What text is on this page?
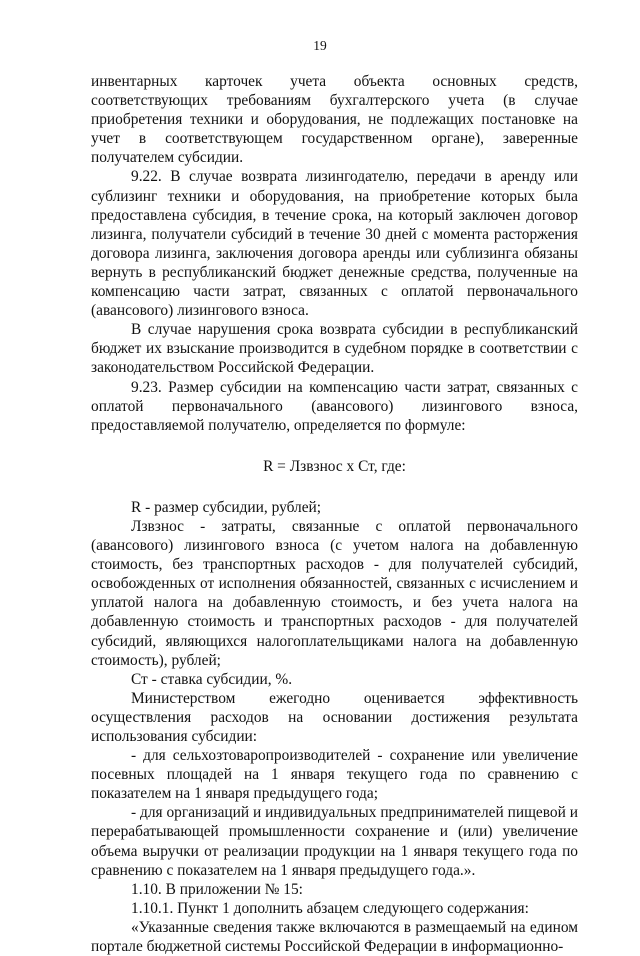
19

инвентарных карточек учета объекта основных средств, соответствующих требованиям бухгалтерского учета (в случае приобретения техники и оборудования, не подлежащих постановке на учет в соответствующем государственном органе), заверенные получателем субсидии.

9.22. В случае возврата лизингодателю, передачи в аренду или сублизинг техники и оборудования, на приобретение которых была предоставлена субсидия, в течение срока, на который заключен договор лизинга, получатели субсидий в течение 30 дней с момента расторжения договора лизинга, заключения договора аренды или сублизинга обязаны вернуть в республиканский бюджет денежные средства, полученные на компенсацию части затрат, связанных с оплатой первоначального (авансового) лизингового взноса.

В случае нарушения срока возврата субсидии в республиканский бюджет их взыскание производится в судебном порядке в соответствии с законодательством Российской Федерации.

9.23. Размер субсидии на компенсацию части затрат, связанных с оплатой первоначального (авансового) лизингового взноса, предоставляемой получателю, определяется по формуле:

R = Лзвзнос х Ст, где:

R - размер субсидии, рублей;

Лзвзнос - затраты, связанные с оплатой первоначального (авансового) лизингового взноса (с учетом налога на добавленную стоимость, без транспортных расходов - для получателей субсидий, освобожденных от исполнения обязанностей, связанных с исчислением и уплатой налога на добавленную стоимость, и без учета налога на добавленную стоимость и транспортных расходов - для получателей субсидий, являющихся налогоплательщиками налога на добавленную стоимость), рублей;

Ст - ставка субсидии, %.

Министерством ежегодно оценивается эффективность осуществления расходов на основании достижения результата использования субсидии:

- для сельхозтоваропроизводителей - сохранение или увеличение посевных площадей на 1 января текущего года по сравнению с показателем на 1 января предыдущего года;

- для организаций и индивидуальных предпринимателей пищевой и перерабатывающей промышленности сохранение и (или) увеличение объема выручки от реализации продукции на 1 января текущего года по сравнению с показателем на 1 января предыдущего года.».

1.10. В приложении № 15:

1.10.1. Пункт 1 дополнить абзацем следующего содержания:

«Указанные сведения также включаются в размещаемый на едином портале бюджетной системы Российской Федерации в информационно-
